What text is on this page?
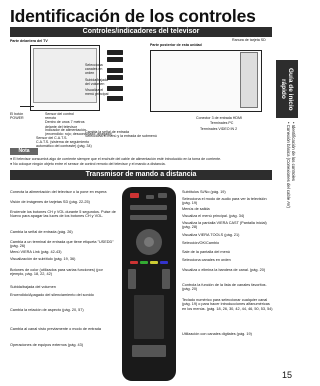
Identificación de los controles
Controles/indicadores del televisor
Parte delantera del TV
El botón
POWER
Sensor del control
remoto
Dentro de unos 7 metros
delante del televisor
Indicador de alimentación
(encendido: rojo; desconectado: apagado)
Sensor del C.A.T.S.
C.A.T.S. (sistema de seguimiento
automático del contraste) (pág. 34)
Selecciona
canales en
orden
Subida/bajada
del volumen
Visualiza el
menú principal
Cambia la señal de entrada
Selecciona el menú y la entrada de submenú
Parte posterior de esta unidad
Ranura de tarjeta SD
Conector 3 de entrada HDMI
Terminales PC
Terminales VIDEO IN 2
Nota
● El televisor consumirá algo de corriente siempre que el enchufe del cable de alimentación esté introducido en la toma de corriente.
● No coloque ningún objeto entre el sensor de control remoto del televisor y el mando a distancia.
Transmisor de mando a distancia
Conecta la alimentación del televisor o la pone en espera
Visión de imágenes de tarjetas SD (pág. 22-25)
Enciende los botones CH y VOL durante 5 segundos. Pulse de Nuevo para apagar las luces de los botones CH y VOL.
Cambia la señal de entrada (pág. 26)
Cambia a un terminal de entrada que tiene etiqueta "USEDD" (pág. 26)
Menú VIERA Link (pág. 42-43)
Visualización de subtítulo (pág. 19, 36)
Botones de color (utilizados para varias funciones) (por ejemplo, pág. 18, 22, 42)
Subida/bajada del volumen
Encendido/Apagado del silenciamiento del sonido
Cambia la relación de aspecto (pág. 20, 57)
Cambia al canal visto previamente o modo de entrada
Operaciones de equipos externos (pág. 43)
Subtítulos Sí/No (pág. 19)
Selecciona el modo de audio para ver la televisión (pág. 19)
Menús de salida
Visualiza el menú principal. (pág. 34)
Visualiza la pantalla VIERA CAST (Pantalla inicial) (pág. 28)
Visualiza VIERA TOOLS (pág. 21)
Selección/OK/Cambio
Sale de la pantalla del menú
Selecciona canales en orden
Visualiza o elimina la bandera de canal. (pág. 20)
Controla la función de la lista de canales favoritos. (pág. 20)
Teclado numérico para seleccionar cualquier canal (pág. 19) o para hacer introducciones alfanuméricas en los menús. (pág. 18, 26, 30, 42, 44, 46, 50, 53, 54)
Utilización con canales digitales (pág. 19)
Guía de inicio rápido
• Identificación de los controles
• Conexión básica (Conexiones del cable AV)
15
